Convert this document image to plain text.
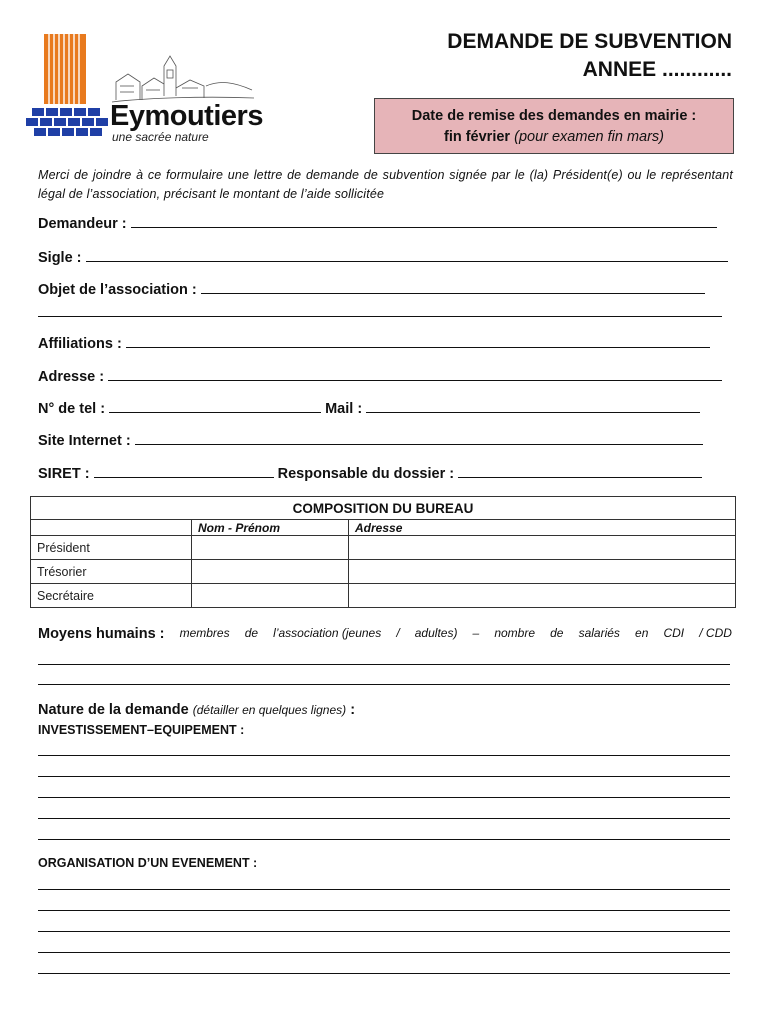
Eymoutiers
une sacrée nature
DEMANDE DE SUBVENTION
ANNEE ............
Date de remise des demandes en mairie :
fin février (pour examen fin mars)
Merci de joindre à ce formulaire une lettre de demande de subvention signée par le (la) Président(e) ou le représentant légal de l’association, précisant le montant de l’aide sollicitée
Demandeur :
Sigle :
Objet de l’association :
Affiliations :
Adresse :
N° de tel :	Mail :
Site Internet :
SIRET :	Responsable du dossier :
COMPOSITION DU BUREAU		
	Nom - Prénom	Adresse
Président		
Trésorier		
Secrétaire		
Moyens humains : membres de l’association (jeunes / adultes) – nombre de salariés en CDI / CDD
Nature de la demande (détailler en quelques lignes) :
INVESTISSEMENT–EQUIPEMENT :
ORGANISATION D’UN EVENEMENT :
